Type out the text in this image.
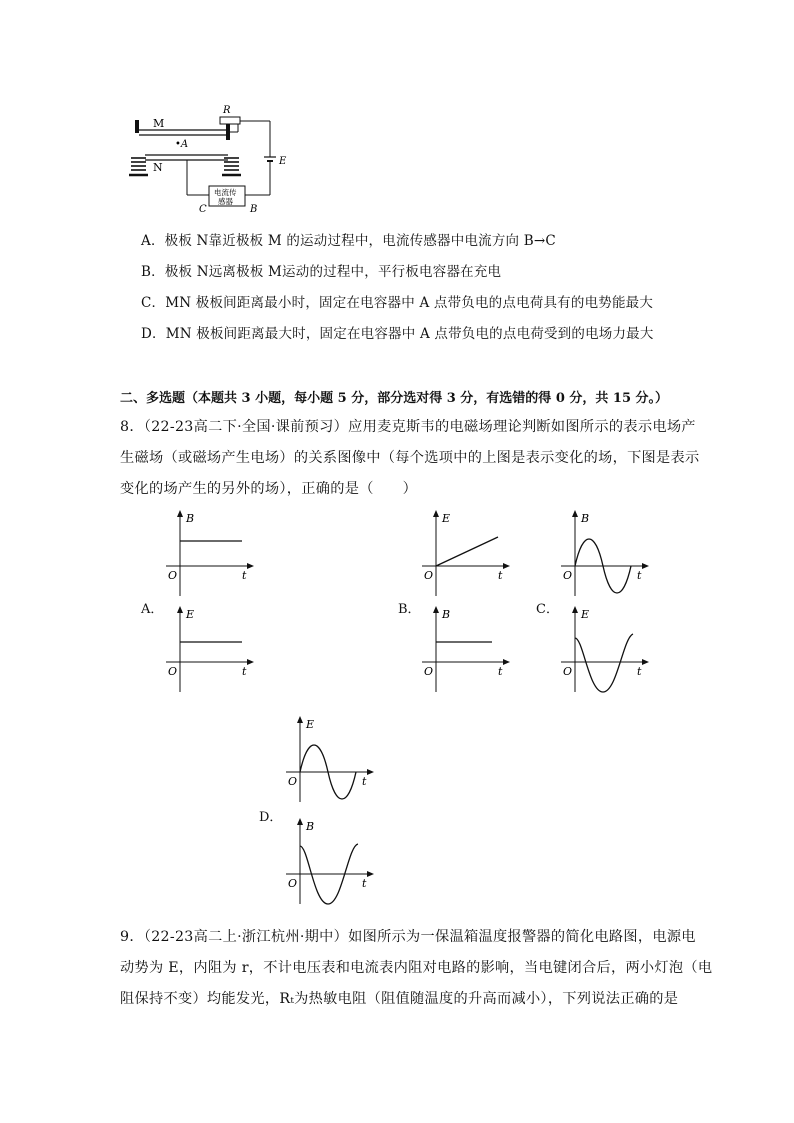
M
•A
R
E
N
电流传
感器
C	B
A．极板 N靠近极板 M 的运动过程中，电流传感器中电流方向 B→C
B．极板 N远离极板 M运动的过程中，平行板电容器在充电
C．MN 极板间距离最小时，固定在电容器中 A 点带负电的点电荷具有的电势能最大
D．MN 极板间距离最大时，固定在电容器中 A 点带负电的点电荷受到的电场力最大
二、多选题（本题共 3 小题，每小题 5 分，部分选对得 3 分，有选错的得 0 分，共 15 分。）
8．（22-23高二下·全国·课前预习）应用麦克斯韦的电磁场理论判断如图所示的表示电场产
生磁场（或磁场产生电场）的关系图像中（每个选项中的上图是表示变化的场，下图是表示
变化的场产生的另外的场），正确的是（　　）
A．	B．	C．
D．
B
O	t
E
O	t
E
O	t
B
O	t
B
O	t
E
O	t
E
O	t
B
O	t
9．（22-23高二上·浙江杭州·期中）如图所示为一保温箱温度报警器的简化电路图，电源电
动势为 E，内阻为 r，不计电压表和电流表内阻对电路的影响，当电键闭合后，两小灯泡（电
阻保持不变）均能发光，Rₜ为热敏电阻（阻值随温度的升高而减小），下列说法正确的是
